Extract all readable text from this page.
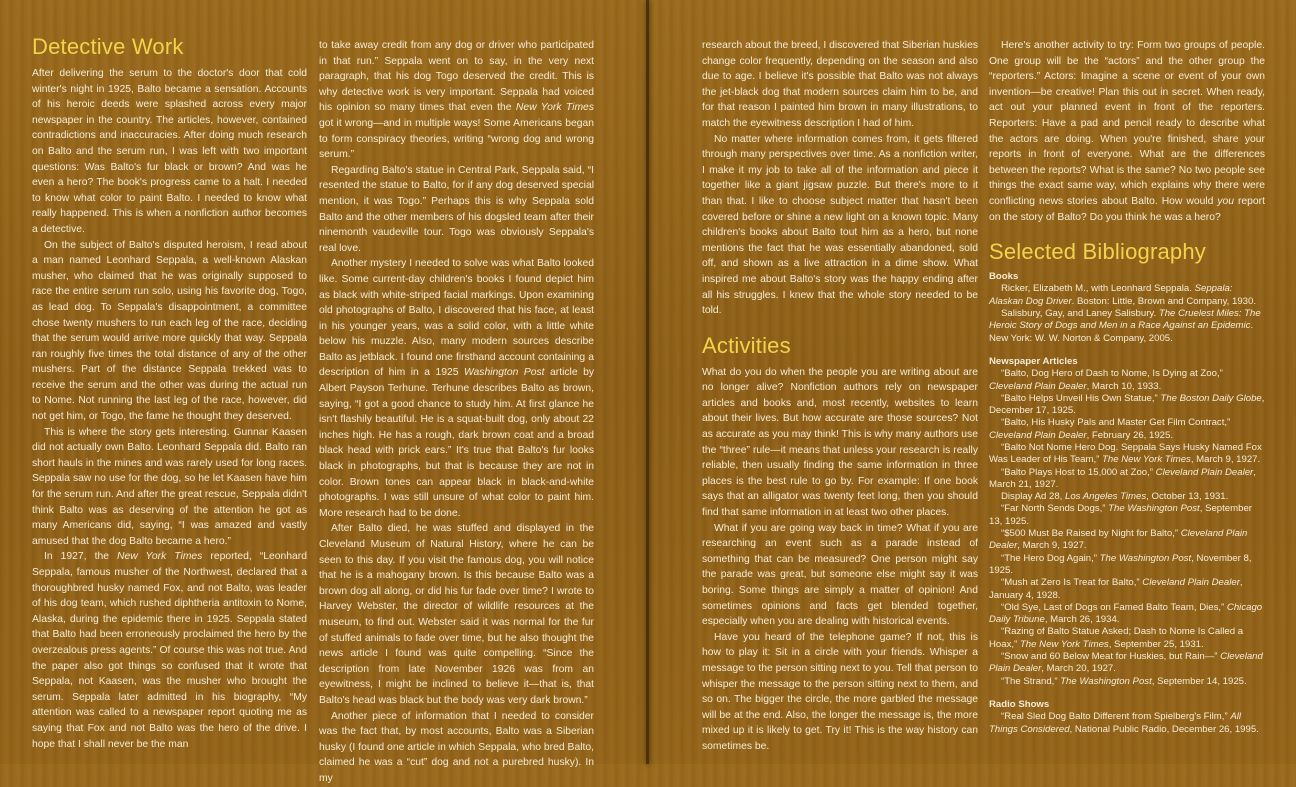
Detective Work

After delivering the serum to the doctor's door that cold winter's night in 1925, Balto became a sensation. Accounts of his heroic deeds were splashed across every major newspaper in the country. The articles, however, contained contradictions and inaccuracies. After doing much research on Balto and the serum run, I was left with two important questions: Was Balto's fur black or brown? And was he even a hero? The book's progress came to a halt. I needed to know what color to paint Balto. I needed to know what really happened. This is when a nonfiction author becomes a detective.

On the subject of Balto's disputed heroism, I read about a man named Leonhard Seppala, a well-known Alaskan musher, who claimed that he was originally supposed to race the entire serum run solo, using his favorite dog, Togo, as lead dog. To Seppala's disappointment, a committee chose twenty mushers to run each leg of the race, deciding that the serum would arrive more quickly that way. Seppala ran roughly five times the total distance of any of the other mushers. Part of the distance Seppala trekked was to receive the serum and the other was during the actual run to Nome. Not running the last leg of the race, however, did not get him, or Togo, the fame he thought they deserved.

This is where the story gets interesting. Gunnar Kaasen did not actually own Balto. Leonhard Seppala did. Balto ran short hauls in the mines and was rarely used for long races. Seppala saw no use for the dog, so he let Kaasen have him for the serum run. And after the great rescue, Seppala didn't think Balto was as deserving of the attention he got as many Americans did, saying, “I was amazed and vastly amused that the dog Balto became a hero.”

In 1927, the New York Times reported, “Leonhard Seppala, famous musher of the Northwest, declared that a thoroughbred husky named Fox, and not Balto, was leader of his dog team, which rushed diphtheria antitoxin to Nome, Alaska, during the epidemic there in 1925. Seppala stated that Balto had been erroneously proclaimed the hero by the overzealous press agents.” Of course this was not true. And the paper also got things so confused that it wrote that Seppala, not Kaasen, was the musher who brought the serum. Seppala later admitted in his biography, “My attention was called to a newspaper report quoting me as saying that Fox and not Balto was the hero of the drive. I hope that I shall never be the man

to take away credit from any dog or driver who participated in that run.” Seppala went on to say, in the very next paragraph, that his dog Togo deserved the credit. This is why detective work is very important. Seppala had voiced his opinion so many times that even the New York Times got it wrong—and in multiple ways! Some Americans began to form conspiracy theories, writing “wrong dog and wrong serum.”

Regarding Balto's statue in Central Park, Seppala said, “I resented the statue to Balto, for if any dog deserved special mention, it was Togo.” Perhaps this is why Seppala sold Balto and the other members of his dogsled team after their ninemonth vaudeville tour. Togo was obviously Seppala's real love.

Another mystery I needed to solve was what Balto looked like. Some current-day children's books I found depict him as black with white-striped facial markings. Upon examining old photographs of Balto, I discovered that his face, at least in his younger years, was a solid color, with a little white below his muzzle. Also, many modern sources describe Balto as jetblack. I found one firsthand account containing a description of him in a 1925 Washington Post article by Albert Payson Terhune. Terhune describes Balto as brown, saying, “I got a good chance to study him. At first glance he isn't flashily beautiful. He is a squat-built dog, only about 22 inches high. He has a rough, dark brown coat and a broad black head with prick ears.” It's true that Balto's fur looks black in photographs, but that is because they are not in color. Brown tones can appear black in black-and-white photographs. I was still unsure of what color to paint him. More research had to be done.

After Balto died, he was stuffed and displayed in the Cleveland Museum of Natural History, where he can be seen to this day. If you visit the famous dog, you will notice that he is a mahogany brown. Is this because Balto was a brown dog all along, or did his fur fade over time? I wrote to Harvey Webster, the director of wildlife resources at the museum, to find out. Webster said it was normal for the fur of stuffed animals to fade over time, but he also thought the news article I found was quite compelling. “Since the description from late November 1926 was from an eyewitness, I might be inclined to believe it—that is, that Balto's head was black but the body was very dark brown.”

Another piece of information that I needed to consider was the fact that, by most accounts, Balto was a Siberian husky (I found one article in which Seppala, who bred Balto, claimed he was a “cut” dog and not a purebred husky). In my

research about the breed, I discovered that Siberian huskies change color frequently, depending on the season and also due to age. I believe it's possible that Balto was not always the jet-black dog that modern sources claim him to be, and for that reason I painted him brown in many illustrations, to match the eyewitness description I had of him.

No matter where information comes from, it gets filtered through many perspectives over time. As a nonfiction writer, I make it my job to take all of the information and piece it together like a giant jigsaw puzzle. But there's more to it than that. I like to choose subject matter that hasn't been covered before or shine a new light on a known topic. Many children's books about Balto tout him as a hero, but none mentions the fact that he was essentially abandoned, sold off, and shown as a live attraction in a dime show. What inspired me about Balto's story was the happy ending after all his struggles. I knew that the whole story needed to be told.

Activities

What do you do when the people you are writing about are no longer alive? Nonfiction authors rely on newspaper articles and books and, most recently, websites to learn about their lives. But how accurate are those sources? Not as accurate as you may think! This is why many authors use the “three” rule—it means that unless your research is really reliable, then usually finding the same information in three places is the best rule to go by. For example: If one book says that an alligator was twenty feet long, then you should find that same information in at least two other places.

What if you are going way back in time? What if you are researching an event such as a parade instead of something that can be measured? One person might say the parade was great, but someone else might say it was boring. Some things are simply a matter of opinion! And sometimes opinions and facts get blended together, especially when you are dealing with historical events.

Have you heard of the telephone game? If not, this is how to play it: Sit in a circle with your friends. Whisper a message to the person sitting next to you. Tell that person to whisper the message to the person sitting next to them, and so on. The bigger the circle, the more garbled the message will be at the end. Also, the longer the message is, the more mixed up it is likely to get. Try it! This is the way history can sometimes be.

Here's another activity to try: Form two groups of people. One group will be the “actors” and the other group the “reporters.” Actors: Imagine a scene or event of your own invention—be creative! Plan this out in secret. When ready, act out your planned event in front of the reporters. Reporters: Have a pad and pencil ready to describe what the actors are doing. When you're finished, share your reports in front of everyone. What are the differences between the reports? What is the same? No two people see things the exact same way, which explains why there were conflicting news stories about Balto. How would you report on the story of Balto? Do you think he was a hero?

Selected Bibliography
Books

Ricker, Elizabeth M., with Leonhard Seppala. Seppala: Alaskan Dog Driver. Boston: Little, Brown and Company, 1930.

Salisbury, Gay, and Laney Salisbury. The Cruelest Miles: The Heroic Story of Dogs and Men in a Race Against an Epidemic. New York: W. W. Norton & Company, 2005.

Newspaper Articles

“Balto, Dog Hero of Dash to Nome, Is Dying at Zoo,” Cleveland Plain Dealer, March 10, 1933.

“Balto Helps Unveil His Own Statue,” The Boston Daily Globe, December 17, 1925.

“Balto, His Husky Pals and Master Get Film Contract,” Cleveland Plain Dealer, February 26, 1925.

“Balto Not Nome Hero Dog. Seppala Says Husky Named Fox Was Leader of His Team,” The New York Times, March 9, 1927.

“Balto Plays Host to 15,000 at Zoo,” Cleveland Plain Dealer, March 21, 1927.

Display Ad 28, Los Angeles Times, October 13, 1931.

“Far North Sends Dogs,” The Washington Post, September 13, 1925.

“$500 Must Be Raised by Night for Balto,” Cleveland Plain Dealer, March 9, 1927.

“The Hero Dog Again,” The Washington Post, November 8, 1925.

“Mush at Zero Is Treat for Balto,” Cleveland Plain Dealer, January 4, 1928.

“Old Sye, Last of Dogs on Famed Balto Team, Dies,” Chicago Daily Tribune, March 26, 1934.

“Razing of Balto Statue Asked; Dash to Nome Is Called a Hoax,” The New York Times, September 25, 1931.

“Snow and 60 Below Meat for Huskies, but Rain—” Cleveland Plain Dealer, March 20, 1927.

“The Strand,” The Washington Post, September 14, 1925.

Radio Shows

“Real Sled Dog Balto Different from Spielberg's Film,” All Things Considered, National Public Radio, December 26, 1995.
